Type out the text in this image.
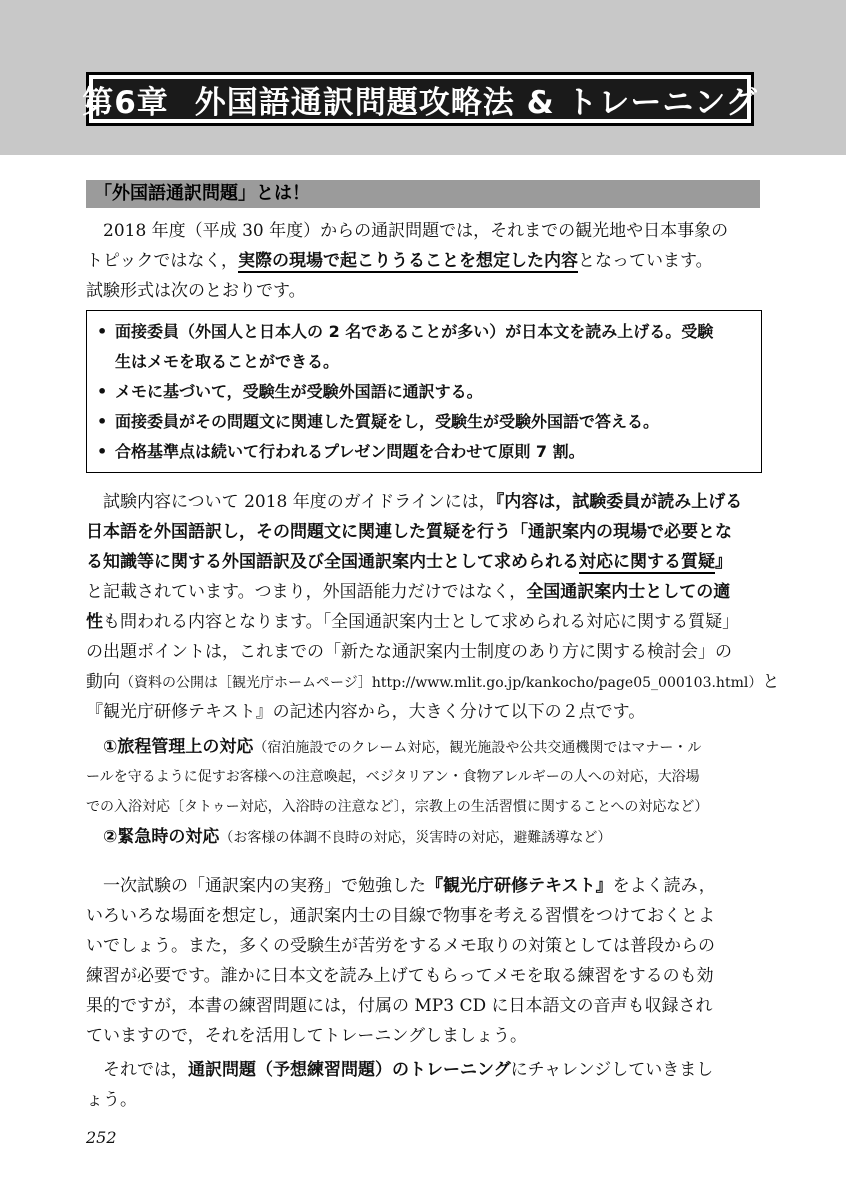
第6章 外国語通訳問題攻略法 & トレーニング
「外国語通訳問題」とは！
2018 年度（平成 30 年度）からの通訳問題では，それまでの観光地や日本事象の
トピックではなく，実際の現場で起こりうることを想定した内容となっています。
試験形式は次のとおりです。
• 面接委員（外国人と日本人の 2 名であることが多い）が日本文を読み上げる。受験
生はメモを取ることができる。
• メモに基づいて，受験生が受験外国語に通訳する。
• 面接委員がその問題文に関連した質疑をし，受験生が受験外国語で答える。
• 合格基準点は続いて行われるプレゼン問題を合わせて原則 7 割。
試験内容について 2018 年度のガイドラインには，『内容は，試験委員が読み上げる
日本語を外国語訳し，その問題文に関連した質疑を行う「通訳案内の現場で必要とな
る知識等に関する外国語訳及び全国通訳案内士として求められる対応に関する質疑』
と記載されています。つまり，外国語能力だけではなく，全国通訳案内士としての適
性も問われる内容となります。「全国通訳案内士として求められる対応に関する質疑」
の出題ポイントは，これまでの「新たな通訳案内士制度のあり方に関する検討会」の
動向（資料の公開は［観光庁ホームページ］http://www.mlit.go.jp/kankocho/page05_000103.html）と
『観光庁研修テキスト』の記述内容から，大きく分けて以下の２点です。
①旅程管理上の対応（宿泊施設でのクレーム対応，観光施設や公共交通機関ではマナー・ル
ールを守るように促すお客様への注意喚起，ベジタリアン・食物アレルギーの人への対応，大浴場
での入浴対応〔タトゥー対応，入浴時の注意など〕，宗教上の生活習慣に関することへの対応など）
②緊急時の対応（お客様の体調不良時の対応，災害時の対応，避難誘導など）
一次試験の「通訳案内の実務」で勉強した『観光庁研修テキスト』をよく読み，
いろいろな場面を想定し，通訳案内士の目線で物事を考える習慣をつけておくとよ
いでしょう。また，多くの受験生が苦労をするメモ取りの対策としては普段からの
練習が必要です。誰かに日本文を読み上げてもらってメモを取る練習をするのも効
果的ですが，本書の練習問題には，付属の MP3 CD に日本語文の音声も収録され
ていますので，それを活用してトレーニングしましょう。
それでは，通訳問題（予想練習問題）のトレーニングにチャレンジしていきまし
ょう。
252
